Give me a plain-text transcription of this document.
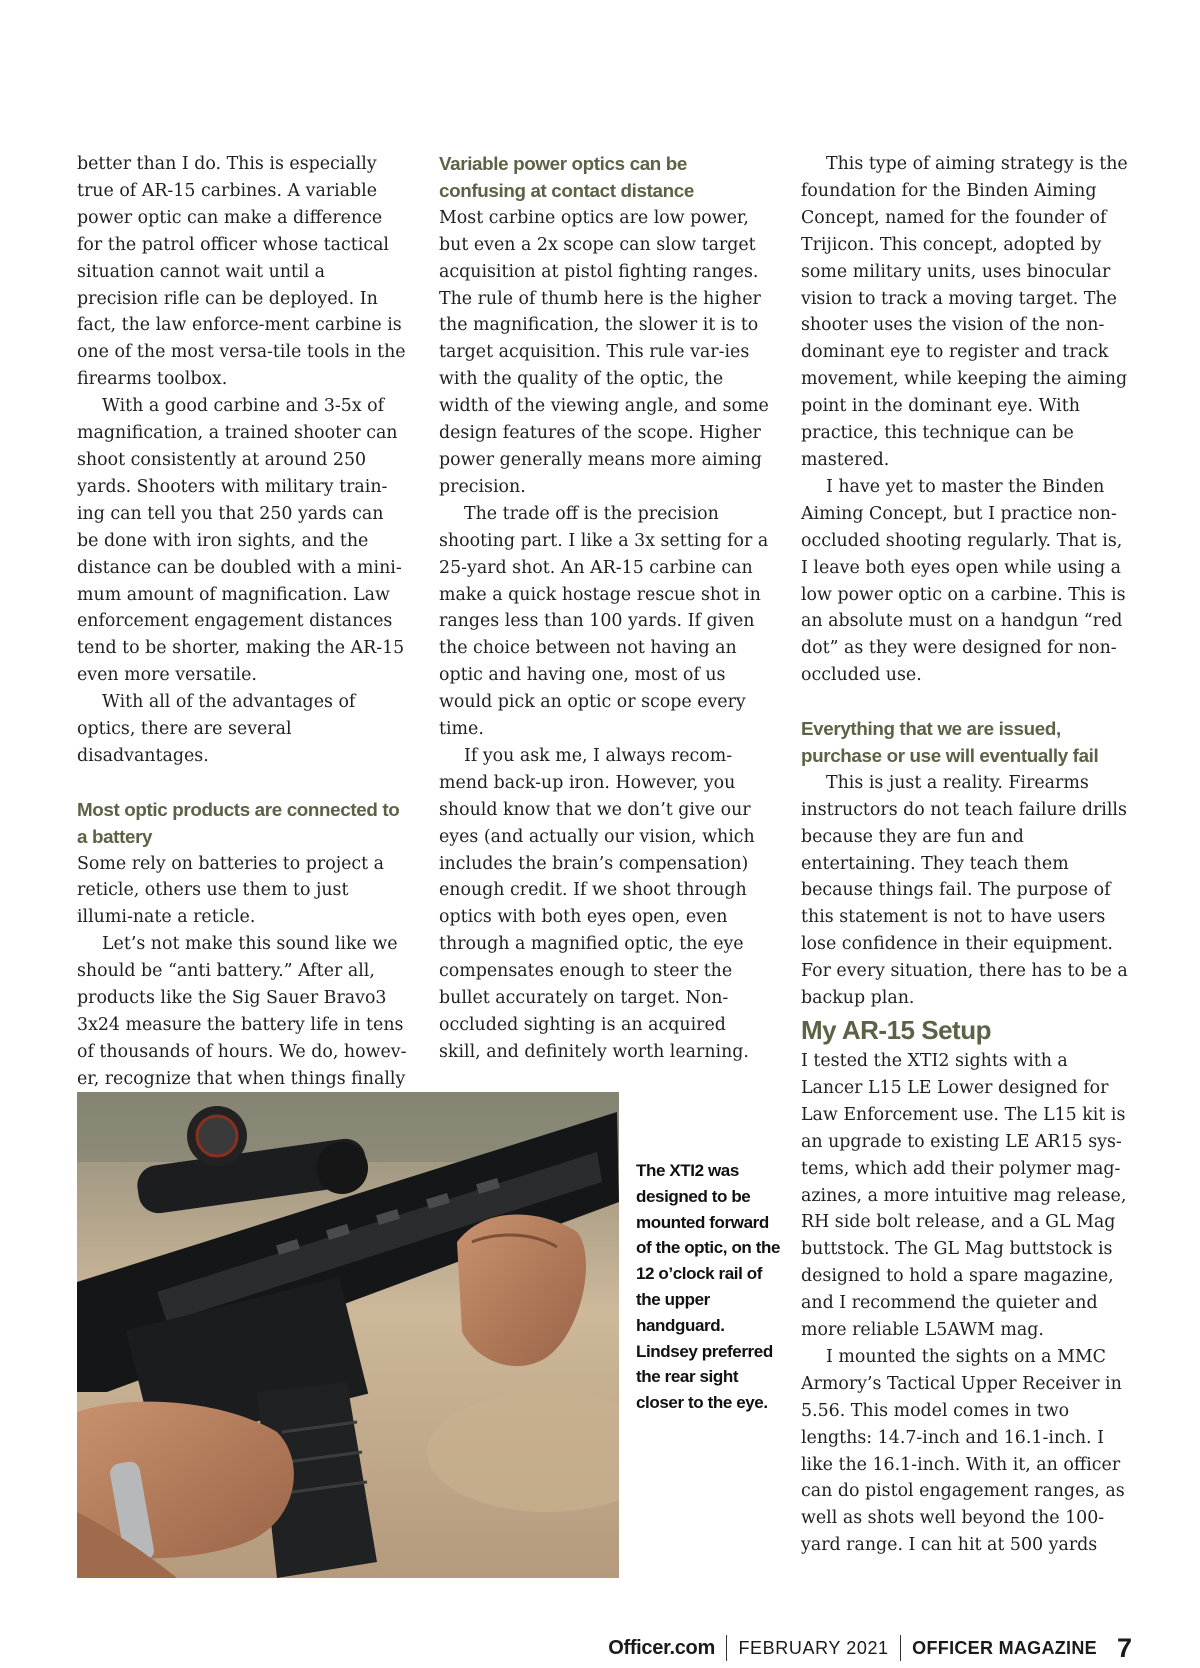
better than I do. This is especially true of AR-15 carbines. A variable power optic can make a difference for the patrol officer whose tactical situation cannot wait until a precision rifle can be deployed. In fact, the law enforce-ment carbine is one of the most versa-tile tools in the firearms toolbox.

With a good carbine and 3-5x of magnification, a trained shooter can shoot consistently at around 250 yards. Shooters with military train-ing can tell you that 250 yards can be done with iron sights, and the distance can be doubled with a mini-mum amount of magnification. Law enforcement engagement distances tend to be shorter, making the AR-15 even more versatile.

With all of the advantages of optics, there are several disadvantages.

Most optic products are connected to a battery

Some rely on batteries to project a reticle, others use them to just illumi-nate a reticle.

Let’s not make this sound like we should be “anti battery.” After all, products like the Sig Sauer Bravo3 3x24 measure the battery life in tens of thousands of hours. We do, howev-er, recognize that when things finally

Variable power optics can be confusing at contact distance

Most carbine optics are low power, but even a 2x scope can slow target acquisition at pistol fighting ranges. The rule of thumb here is the higher the magnification, the slower it is to target acquisition. This rule var-ies with the quality of the optic, the width of the viewing angle, and some design features of the scope. Higher power generally means more aiming precision.

The trade off is the precision shooting part. I like a 3x setting for a 25-yard shot. An AR-15 carbine can make a quick hostage rescue shot in ranges less than 100 yards. If given the choice between not having an optic and having one, most of us would pick an optic or scope every time.

If you ask me, I always recom-mend back-up iron. However, you should know that we don’t give our eyes (and actually our vision, which includes the brain’s compensation) enough credit. If we shoot through optics with both eyes open, even through a magnified optic, the eye compensates enough to steer the bullet accurately on target. Non-occluded sighting is an acquired skill, and definitely worth learning.

This type of aiming strategy is the foundation for the Binden Aiming Concept, named for the founder of Trijicon. This concept, adopted by some military units, uses binocular vision to track a moving target. The shooter uses the vision of the non-dominant eye to register and track movement, while keeping the aiming point in the dominant eye. With practice, this technique can be mastered.

I have yet to master the Binden Aiming Concept, but I practice non-occluded shooting regularly. That is, I leave both eyes open while using a low power optic on a carbine. This is an absolute must on a handgun “red dot” as they were designed for non-occluded use.

Everything that we are issued, purchase or use will eventually fail

This is just a reality. Firearms instructors do not teach failure drills because they are fun and entertaining. They teach them because things fail. The purpose of this statement is not to have users lose confidence in their equipment. For every situation, there has to be a backup plan.

My AR-15 Setup

I tested the XTI2 sights with a Lancer L15 LE Lower designed for Law Enforcement use. The L15 kit is an upgrade to existing LE AR15 sys-tems, which add their polymer mag-azines, a more intuitive mag release, RH side bolt release, and a GL Mag buttstock. The GL Mag buttstock is designed to hold a spare magazine, and I recommend the quieter and more reliable L5AWM mag.

I mounted the sights on a MMC Armory’s Tactical Upper Receiver in 5.56. This model comes in two lengths: 14.7-inch and 16.1-inch. I like the 16.1-inch. With it, an officer can do pistol engagement ranges, as well as shots well beyond the 100-yard range. I can hit at 500 yards

The XTI2 was designed to be mounted forward of the optic, on the 12 o’clock rail of the upper handguard. Lindsey preferred the rear sight closer to the eye.
Officer.com FEBRUARY 2021 OFFICER MAGAZINE 7
